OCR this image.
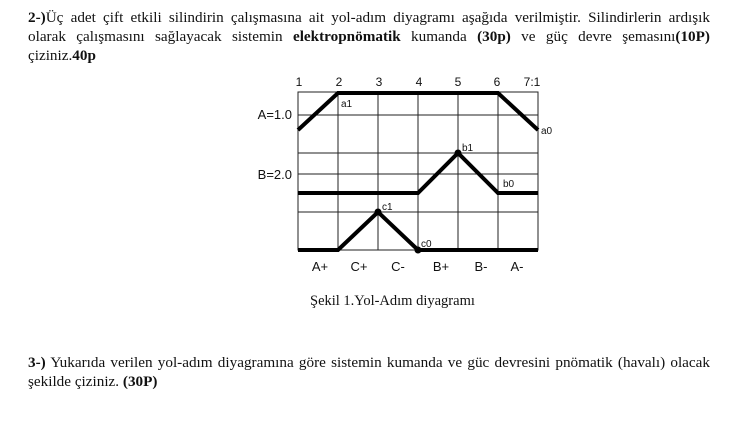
2-)Üç adet çift etkili silindirin çalışmasına ait yol-adım diyagramı aşağıda verilmiştir. Silindirlerin ardışık olarak çalışmasını sağlayacak sistemin elektropnömatik kumanda (30p) ve güç devre şemasını(10P) çiziniz.40p
1	2	3	4	5	6 7:1
A=1.0
B=2.0
a1
a0
b1
b0
c1
c0
A+ C+ C- B+ B- A-
Şekil 1.Yol-Adım diyagramı
3-) Yukarıda verilen yol-adım diyagramına göre sistemin kumanda ve güc devresini pnömatik (havalı) olacak şekilde çiziniz. (30P)
